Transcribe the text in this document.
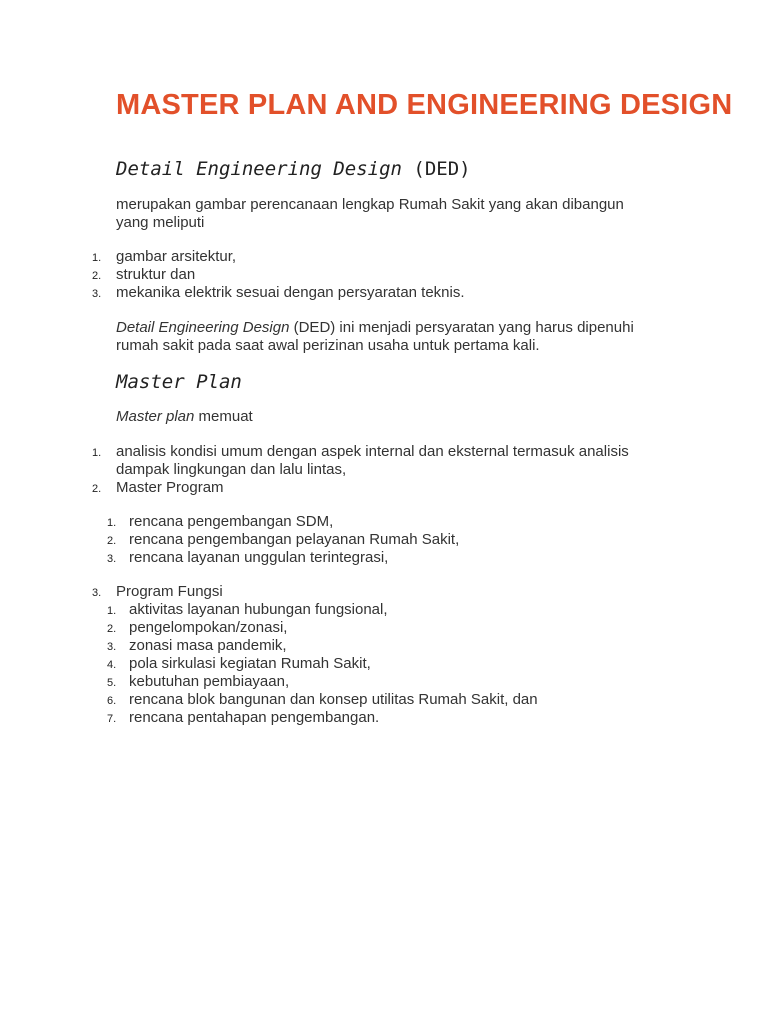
MASTER PLAN AND ENGINEERING DESIGN
Detail Engineering Design (DED)

merupakan gambar perencanaan lengkap Rumah Sakit yang akan dibangun yang meliputi

1. gambar arsitektur,
2. struktur dan
3. mekanika elektrik sesuai dengan persyaratan teknis.

Detail Engineering Design (DED) ini menjadi persyaratan yang harus dipenuhi rumah sakit pada saat awal perizinan usaha untuk pertama kali.

Master Plan

Master plan memuat

1. analisis kondisi umum dengan aspek internal dan eksternal termasuk analisis dampak lingkungan dan lalu lintas,
2. Master Program
1. rencana pengembangan SDM,
2. rencana pengembangan pelayanan Rumah Sakit,
3. rencana layanan unggulan terintegrasi,
3. Program Fungsi
1. aktivitas layanan hubungan fungsional,
2. pengelompokan/zonasi,
3. zonasi masa pandemik,
4. pola sirkulasi kegiatan Rumah Sakit,
5. kebutuhan pembiayaan,
6. rencana blok bangunan dan konsep utilitas Rumah Sakit, dan
7. rencana pentahapan pengembangan.
